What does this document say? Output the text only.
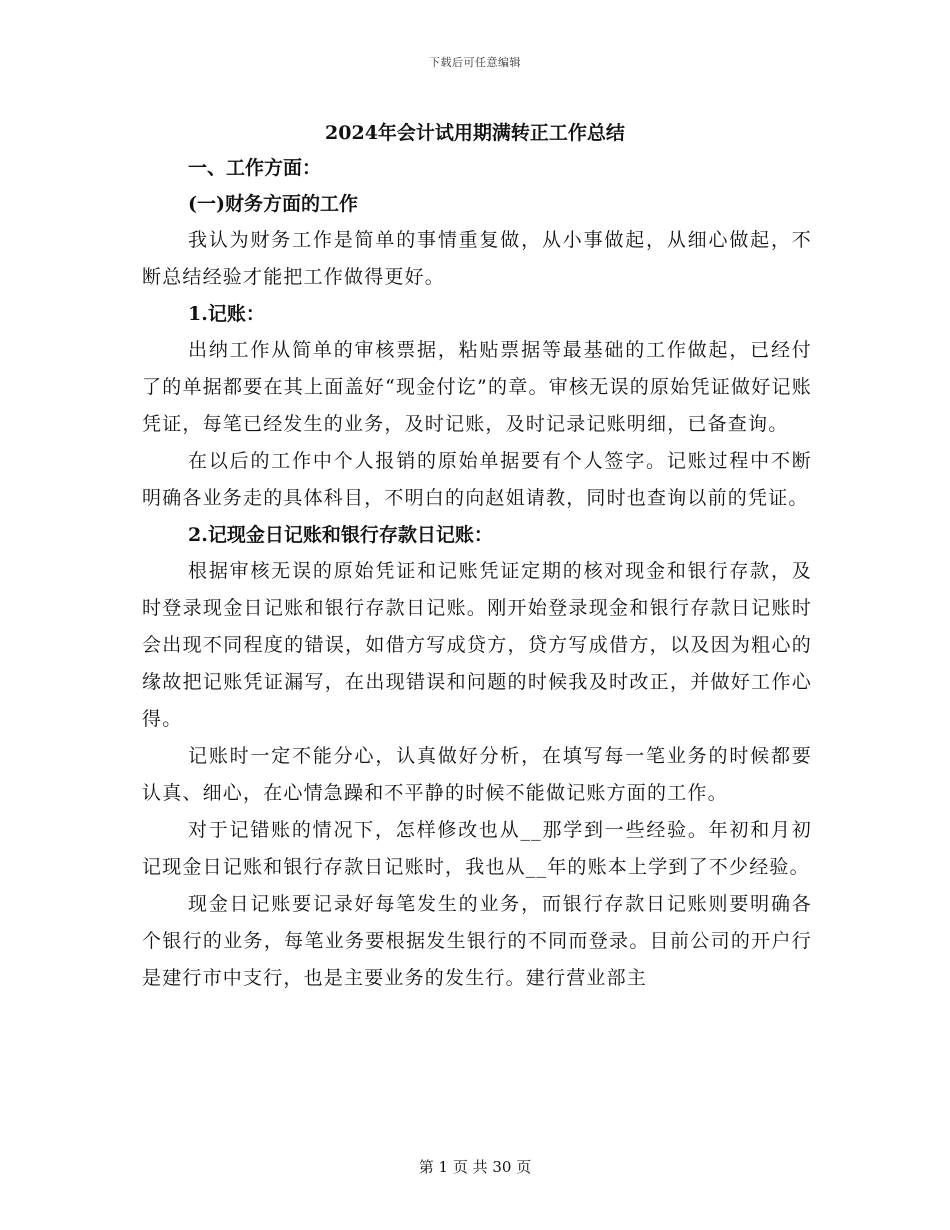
下载后可任意编辑
2024年会计试用期满转正工作总结

一、工作方面：

(一)财务方面的工作

我认为财务工作是简单的事情重复做，从小事做起，从细心做起，不断总结经验才能把工作做得更好。

1.记账：

出纳工作从简单的审核票据，粘贴票据等最基础的工作做起，已经付了的单据都要在其上面盖好“现金付讫”的章。审核无误的原始凭证做好记账凭证，每笔已经发生的业务，及时记账，及时记录记账明细，已备查询。

在以后的工作中个人报销的原始单据要有个人签字。记账过程中不断明确各业务走的具体科目，不明白的向赵姐请教，同时也查询以前的凭证。

2.记现金日记账和银行存款日记账：

根据审核无误的原始凭证和记账凭证定期的核对现金和银行存款，及时登录现金日记账和银行存款日记账。刚开始登录现金和银行存款日记账时会出现不同程度的错误，如借方写成贷方，贷方写成借方，以及因为粗心的缘故把记账凭证漏写，在出现错误和问题的时候我及时改正，并做好工作心得。

记账时一定不能分心，认真做好分析，在填写每一笔业务的时候都要认真、细心，在心情急躁和不平静的时候不能做记账方面的工作。

对于记错账的情况下，怎样修改也从__那学到一些经验。年初和月初记现金日记账和银行存款日记账时，我也从__年的账本上学到了不少经验。

现金日记账要记录好每笔发生的业务，而银行存款日记账则要明确各个银行的业务，每笔业务要根据发生银行的不同而登录。目前公司的开户行是建行市中支行，也是主要业务的发生行。建行营业部主

第 1 页 共 30 页
